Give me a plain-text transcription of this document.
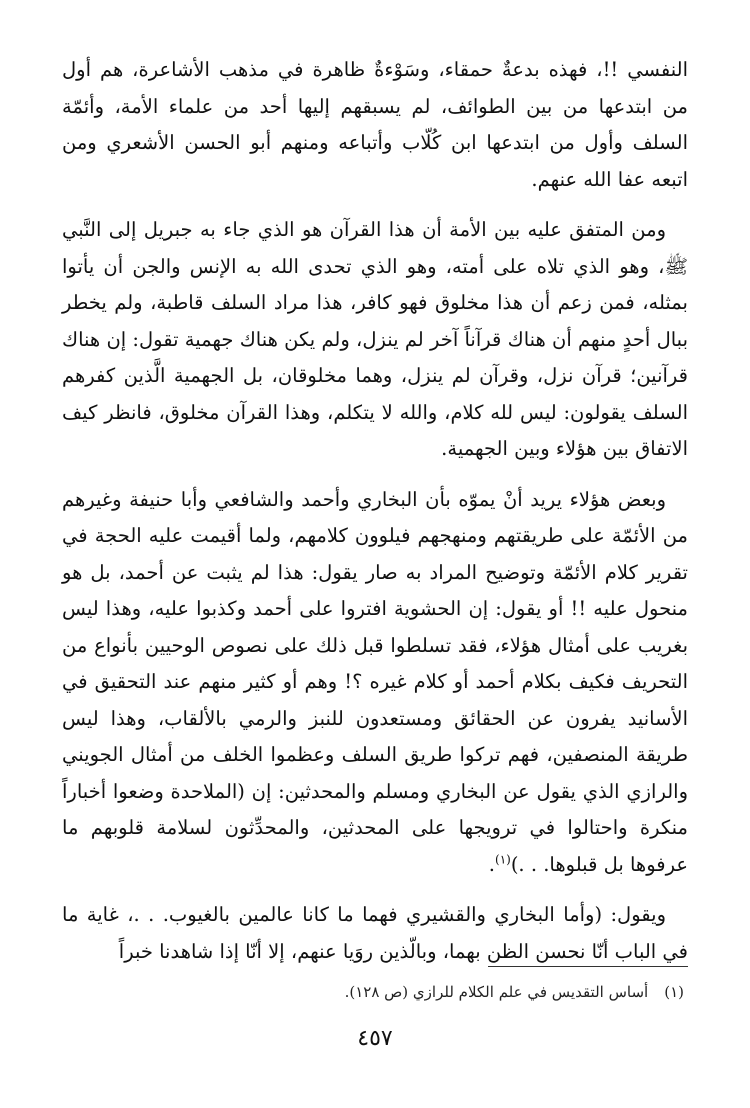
النفسي !!، فهذه بدعةٌ حمقاء، وسَوْءةٌ ظاهرة في مذهب الأشاعرة، هم أول من ابتدعها من بين الطوائف، لم يسبقهم إليها أحد من علماء الأمة، وأئمّة السلف وأول من ابتدعها ابن كُلّاب وأتباعه ومنهم أبو الحسن الأشعري ومن اتبعه عفا الله عنهم.

ومن المتفق عليه بين الأمة أن هذا القرآن هو الذي جاء به جبريل إلى النَّبي ﷺ، وهو الذي تلاه على أمته، وهو الذي تحدى الله به الإنس والجن أن يأتوا بمثله، فمن زعم أن هذا مخلوق فهو كافر، هذا مراد السلف قاطبة، ولم يخطر ببال أحدٍ منهم أن هناك قرآناً آخر لم ينزل، ولم يكن هناك جهمية تقول: إن هناك قرآنين؛ قرآن نزل، وقرآن لم ينزل، وهما مخلوقان، بل الجهمية الَّذين كفرهم السلف يقولون: ليس لله كلام، والله لا يتكلم، وهذا القرآن مخلوق، فانظر كيف الاتفاق بين هؤلاء وبين الجهمية.

وبعض هؤلاء يريد أنْ يموّه بأن البخاري وأحمد والشافعي وأبا حنيفة وغيرهم من الأئمّة على طريقتهم ومنهجهم فيلوون كلامهم، ولما أقيمت عليه الحجة في تقرير كلام الأئمّة وتوضيح المراد به صار يقول: هذا لم يثبت عن أحمد، بل هو منحول عليه !! أو يقول: إن الحشوية افتروا على أحمد وكذبوا عليه، وهذا ليس بغريب على أمثال هؤلاء، فقد تسلطوا قبل ذلك على نصوص الوحيين بأنواع من التحريف فكيف بكلام أحمد أو كلام غيره ؟! وهم أو كثير منهم عند التحقيق في الأسانيد يفرون عن الحقائق ومستعدون للنبز والرمي بالألقاب، وهذا ليس طريقة المنصفين، فهم تركوا طريق السلف وعظموا الخلف من أمثال الجويني والرازي الذي يقول عن البخاري ومسلم والمحدثين: إن (الملاحدة وضعوا أخباراً منكرة واحتالوا في ترويجها على المحدثين، والمحدِّثون لسلامة قلوبهم ما عرفوها بل قبلوها. . .)$^{(١)}$.

ويقول: (وأما البخاري والقشيري فهما ما كانا عالمين بالغيوب. . .، غاية ما في الباب أنّا نحسن الظن بهما، وبالّذين روَيا عنهم، إلا أنّا إذا شاهدنا خبراً

(١)أساس التقديس في علم الكلام للرازي (ص ١٢٨).
٤٥٧
